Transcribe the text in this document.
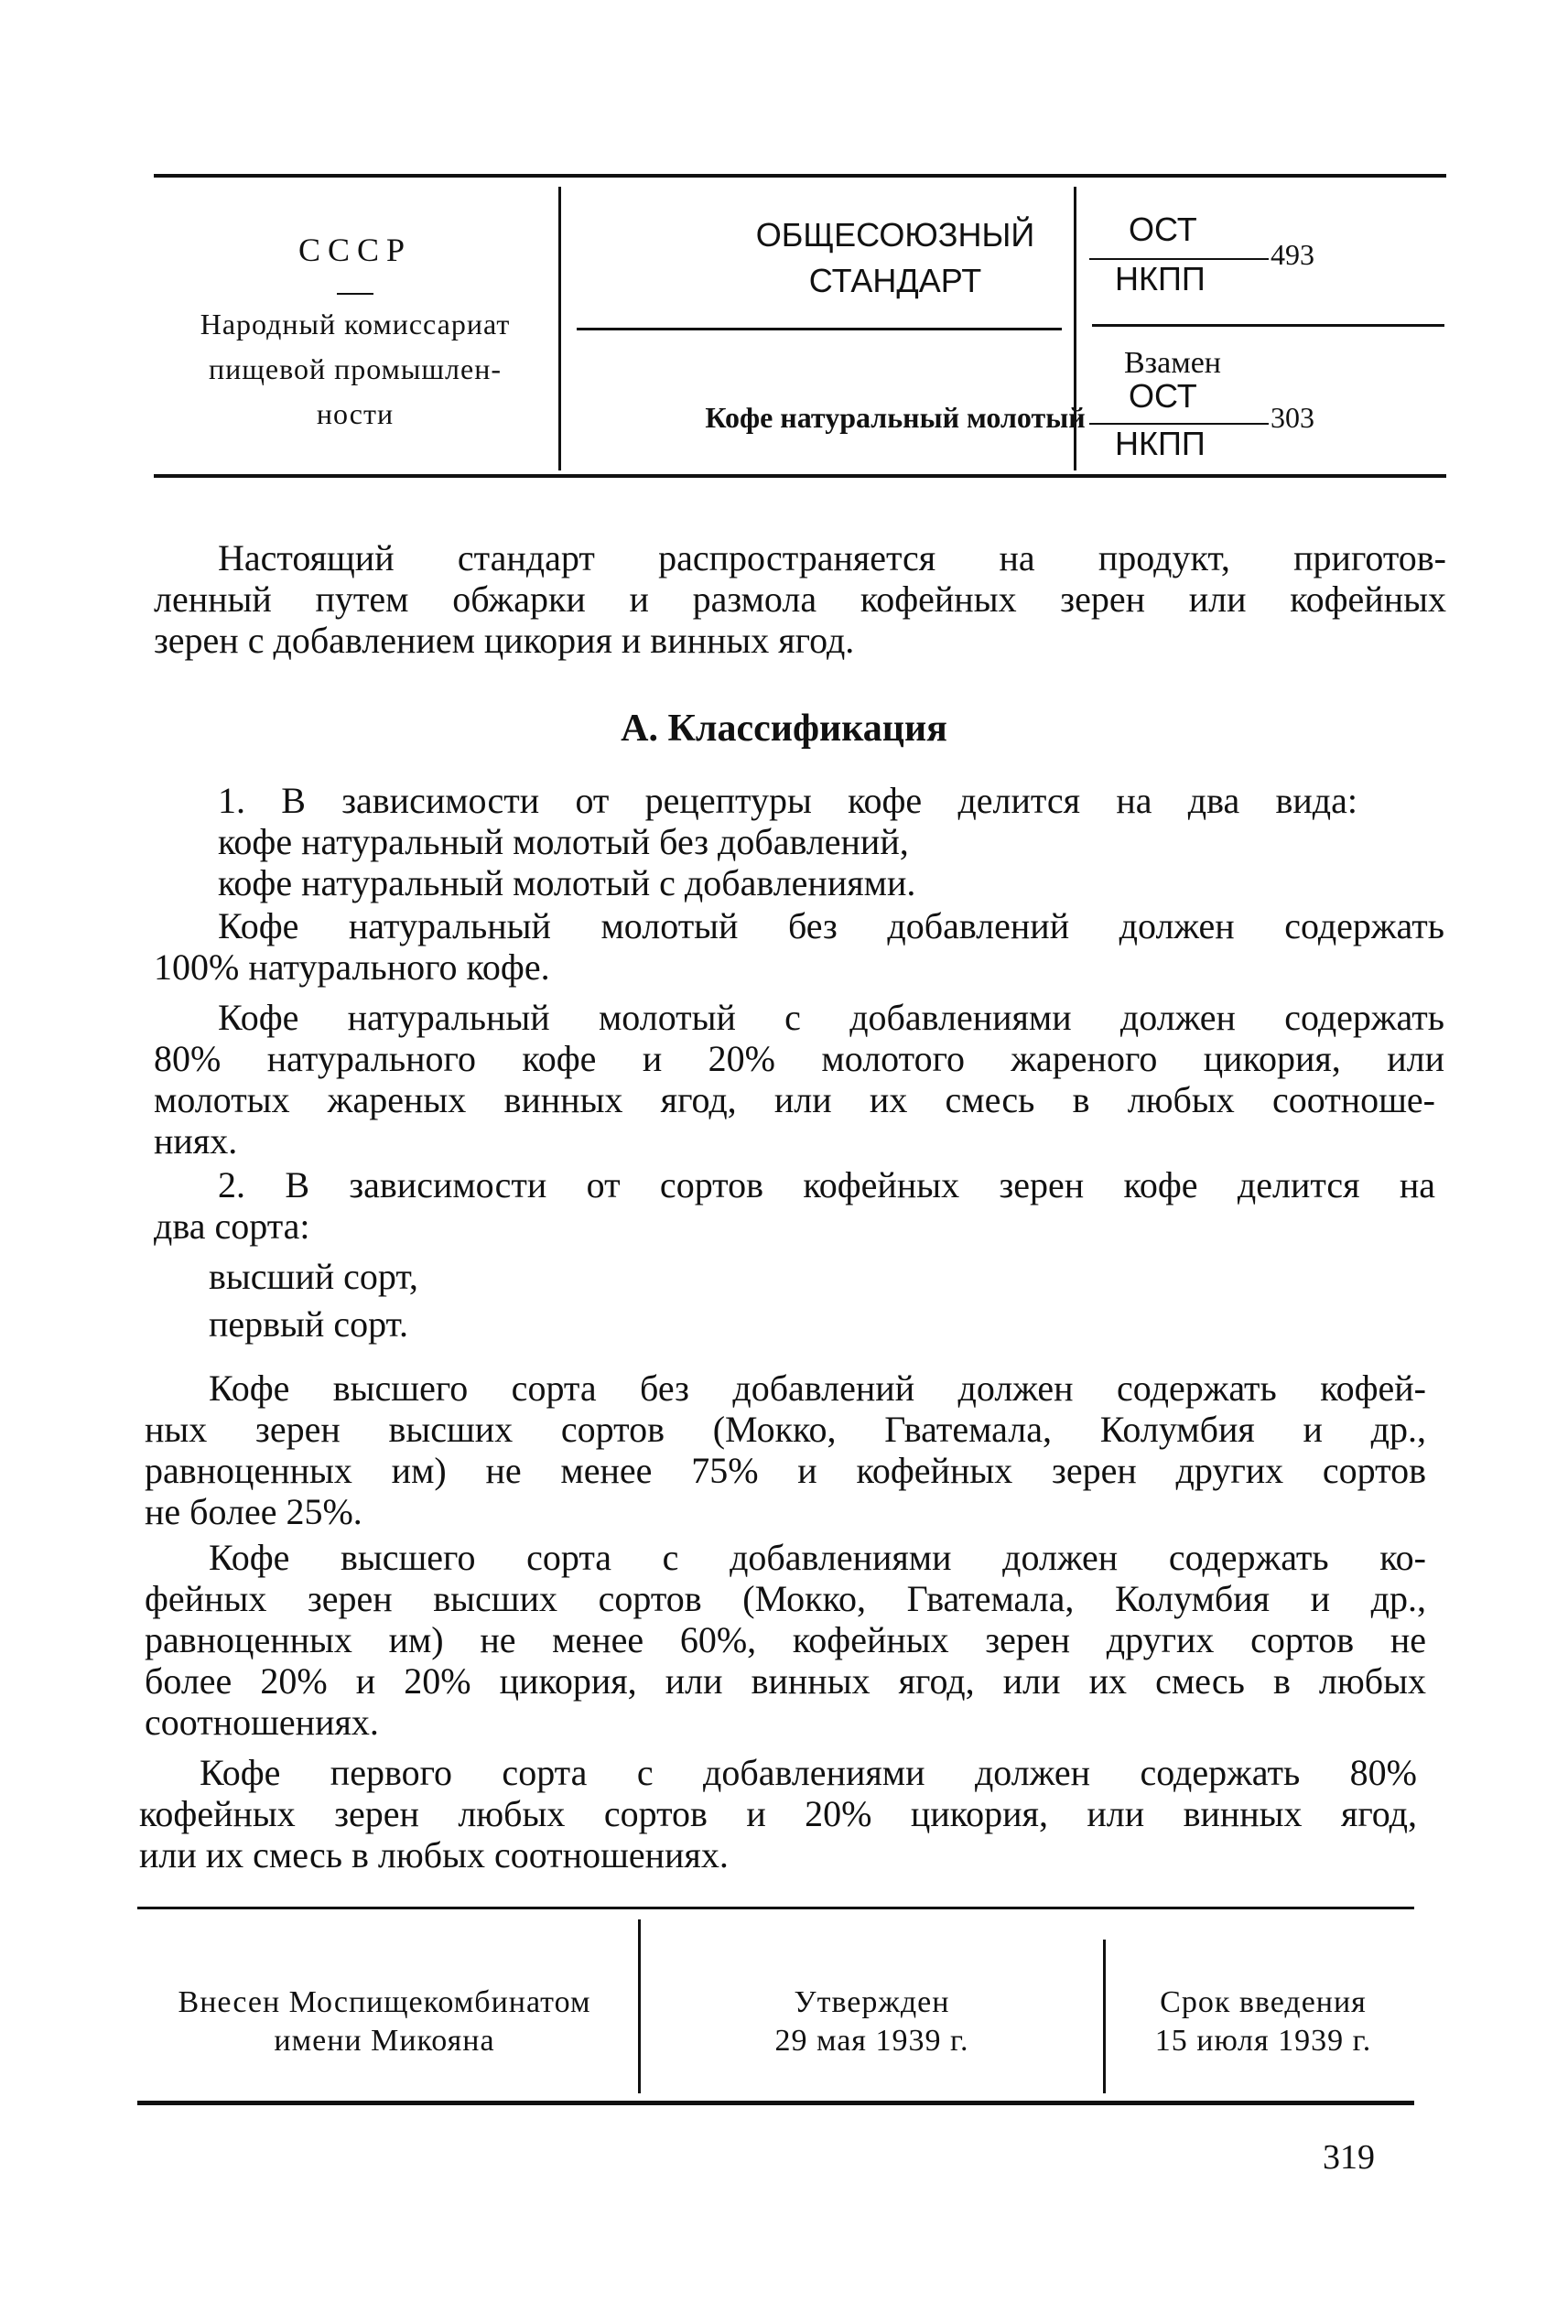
СССР
Народный комиссариат
пищевой промышлен-
ности
ОБЩЕСОЮЗНЫЙ
СТАНДАРТ
Кофе натуральный молотый
ОСТ
НКПП
493
Взамен
ОСТ
НКПП
303
Настоящий стандарт распространяется на продукт, приготов-
ленный путем обжарки и размола кофейных зерен или кофейных
зерен с добавлением цикория и винных ягод.
А. Классификация
1. В зависимости от рецептуры кофе делится на два вида:
кофе натуральный молотый без добавлений,
кофе натуральный молотый с добавлениями.
Кофе натуральный молотый без добавлений должен содержать
100% натурального кофе.
Кофе натуральный молотый с добавлениями должен содержать
80% натурального кофе и 20% молотого жареного цикория, или
молотых жареных винных ягод, или их смесь в любых соотноше-
ниях.
2. В зависимости от сортов кофейных зерен кофе делится на
два сорта:
высший сорт,
первый сорт.
Кофе высшего сорта без добавлений должен содержать кофей-
ных зерен высших сортов (Мокко, Гватемала, Колумбия и др.,
равноценных им) не менее 75% и кофейных зерен других сортов
не более 25%.
Кофе высшего сорта с добавлениями должен содержать ко-
фейных зерен высших сортов (Мокко, Гватемала, Колумбия и др.,
равноценных им) не менее 60%, кофейных зерен других сортов не
более 20% и 20% цикория, или винных ягод, или их смесь в любых
соотношениях.
Кофе первого сорта с добавлениями должен содержать 80%
кофейных зерен любых сортов и 20% цикория, или винных ягод,
или их смесь в любых соотношениях.
Внесен Моспищекомбинатом
имени Микояна
Утвержден
29 мая 1939 г.
Срок введения
15 июля 1939 г.
319
